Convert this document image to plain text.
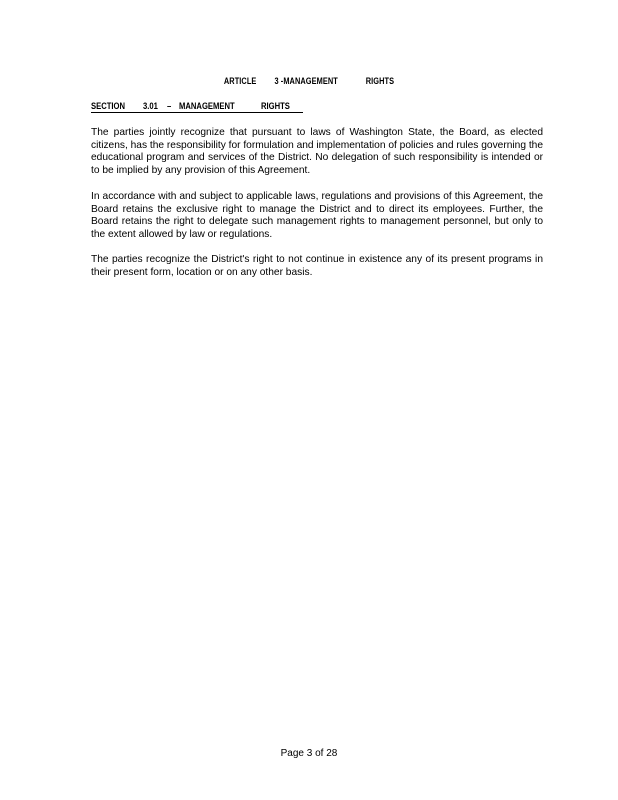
ARTICLE 3 -MANAGEMENT	RIGHTS
SECTION 3.01 – MANAGEMENT	RIGHTS

The parties jointly recognize that pursuant to laws of Washington State, the Board, as elected citizens, has the responsibility for formulation and implementation of policies and rules governing the educational program and services of the District. No delegation of such responsibility is intended or to be implied by any provision of this Agreement.

In accordance with and subject to applicable laws, regulations and provisions of this Agreement, the Board retains the exclusive right to manage the District and to direct its employees. Further, the Board retains the right to delegate such management rights to management personnel, but only to the extent allowed by law or regulations.

The parties recognize the District's right to not continue in existence any of its present programs in their present form, location or on any other basis.

Page 3 of 28
